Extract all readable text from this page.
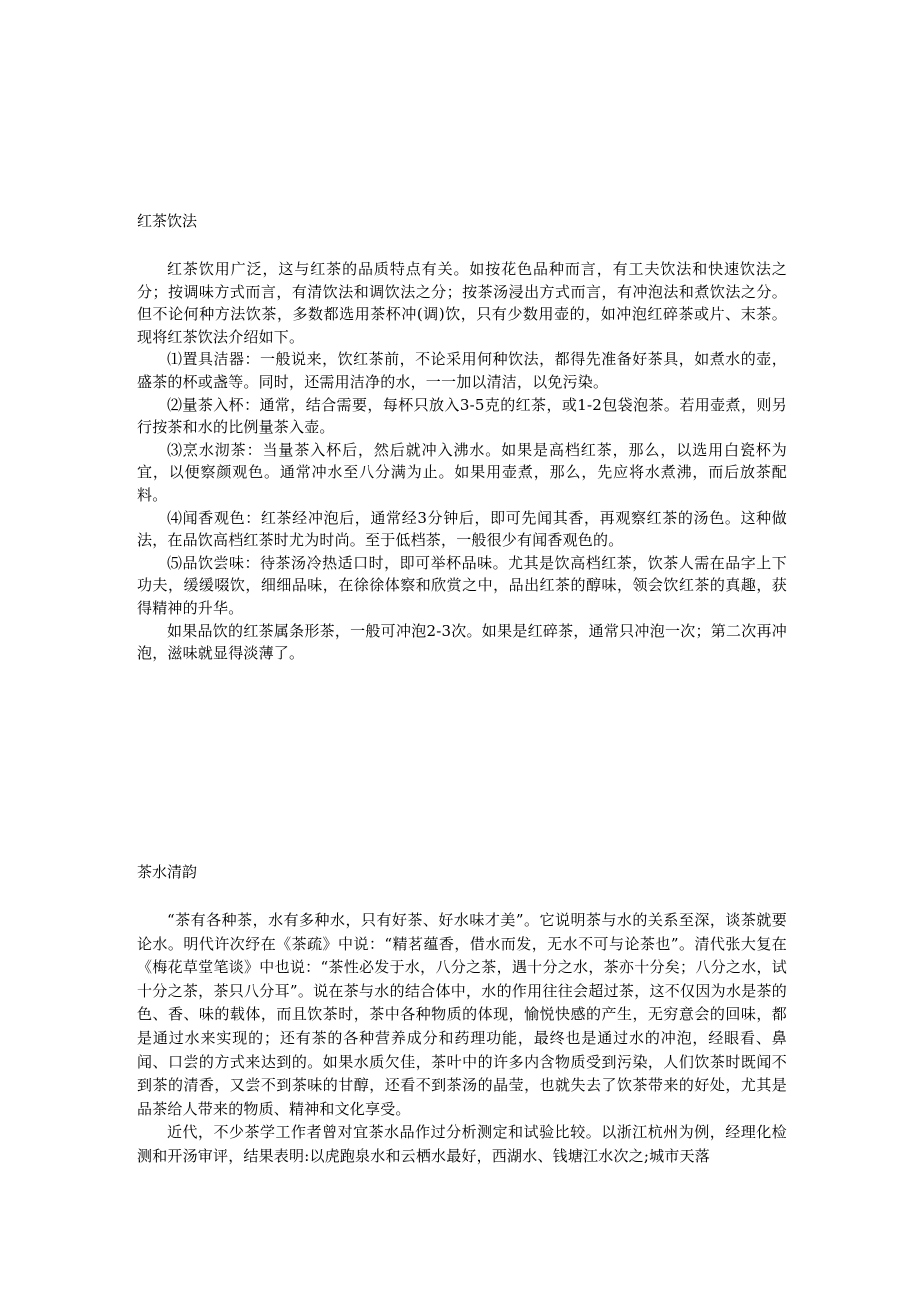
红茶饮法

红茶饮用广泛，这与红茶的品质特点有关。如按花色品种而言，有工夫饮法和快速饮法之分；按调味方式而言，有清饮法和调饮法之分；按茶汤浸出方式而言，有冲泡法和煮饮法之分。但不论何种方法饮茶，多数都选用茶杯冲(调)饮，只有少数用壶的，如冲泡红碎茶或片、末茶。现将红茶饮法介绍如下。

⑴置具洁器：一般说来，饮红茶前，不论采用何种饮法，都得先准备好茶具，如煮水的壶，盛茶的杯或盏等。同时，还需用洁净的水，一一加以清洁，以免污染。

⑵量茶入杯：通常，结合需要，每杯只放入3-5克的红茶，或1-2包袋泡茶。若用壶煮，则另行按茶和水的比例量茶入壶。

⑶烹水沏茶：当量茶入杯后，然后就冲入沸水。如果是高档红茶，那么，以选用白瓷杯为宜，以便察颜观色。通常冲水至八分满为止。如果用壶煮，那么，先应将水煮沸，而后放茶配料。

⑷闻香观色：红茶经冲泡后，通常经3分钟后，即可先闻其香，再观察红茶的汤色。这种做法，在品饮高档红茶时尤为时尚。至于低档茶，一般很少有闻香观色的。

⑸品饮尝味：待茶汤冷热适口时，即可举杯品味。尤其是饮高档红茶，饮茶人需在品字上下功夫，缓缓啜饮，细细品味，在徐徐体察和欣赏之中，品出红茶的醇味，领会饮红茶的真趣，获得精神的升华。

如果品饮的红茶属条形茶，一般可冲泡2-3次。如果是红碎茶，通常只冲泡一次；第二次再冲泡，滋味就显得淡薄了。

茶水清韵

“茶有各种茶，水有多种水，只有好茶、好水味才美”。它说明茶与水的关系至深，谈茶就要论水。明代许次纾在《茶疏》中说：“精茗蕴香，借水而发，无水不可与论茶也”。清代张大复在《梅花草堂笔谈》中也说：“茶性必发于水，八分之茶，遇十分之水，茶亦十分矣；八分之水，试十分之茶，茶只八分耳”。说在茶与水的结合体中，水的作用往往会超过茶，这不仅因为水是茶的色、香、味的载体，而且饮茶时，茶中各种物质的体现，愉悦快感的产生，无穷意会的回味，都是通过水来实现的；还有茶的各种营养成分和药理功能，最终也是通过水的冲泡，经眼看、鼻闻、口尝的方式来达到的。如果水质欠佳，茶叶中的许多内含物质受到污染，人们饮茶时既闻不到茶的清香，又尝不到茶味的甘醇，还看不到茶汤的晶莹，也就失去了饮茶带来的好处，尤其是品茶给人带来的物质、精神和文化享受。

近代，不少茶学工作者曾对宜茶水品作过分析测定和试验比较。以浙江杭州为例，经理化检测和开汤审评，结果表明:以虎跑泉水和云栖水最好，西湖水、钱塘江水次之;城市天落
